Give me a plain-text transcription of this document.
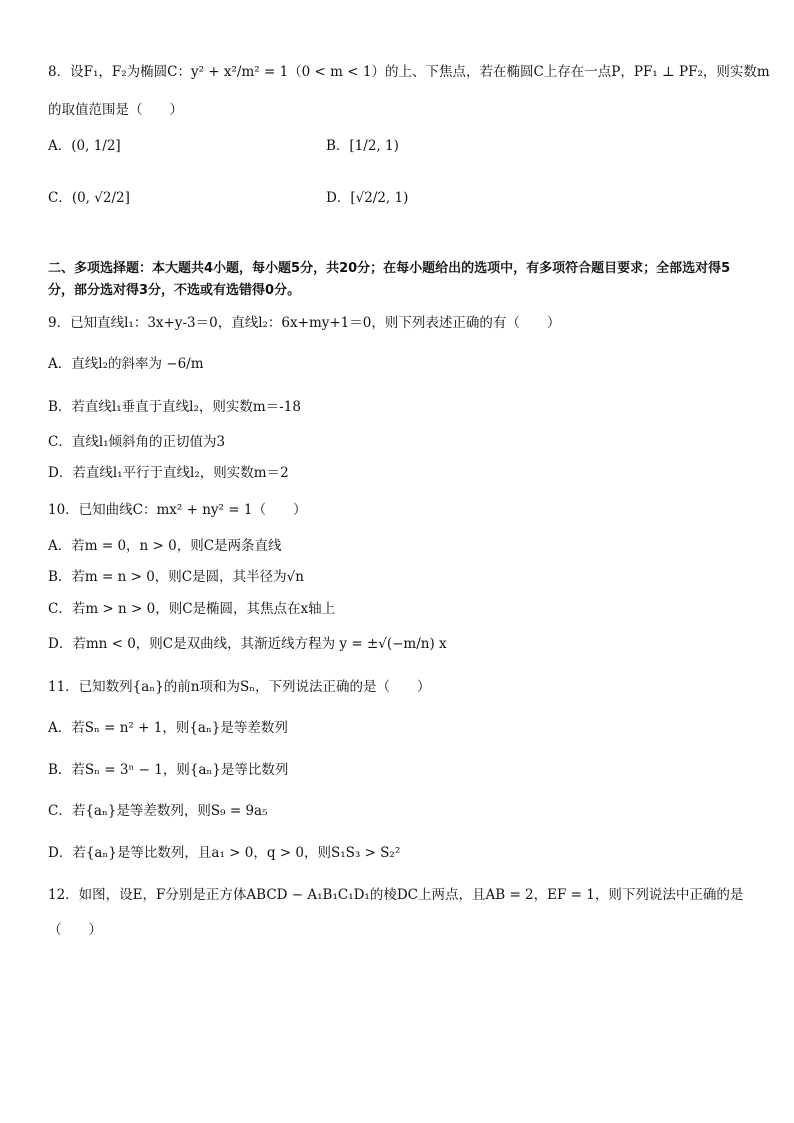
8．设F₁，F₂为椭圆C：y² + x²/m² = 1（0 < m < 1）的上、下焦点，若在椭圆C上存在一点P，PF₁ ⊥ PF₂，则实数m
的取值范围是（　　）
A．(0, 1/2]	B．[1/2, 1)
C．(0, √2/2]	D．[√2/2, 1)
二、多项选择题：本大题共4小题，每小题5分，共20分；在每小题给出的选项中，有多项符合题目要求；全部选对得5分，部分选对得3分，不选或有选错得0分。
9．已知直线l₁：3x+y-3＝0，直线l₂：6x+my+1＝0，则下列表述正确的有（　　）
A．直线l₂的斜率为 −6/m
B．若直线l₁垂直于直线l₂，则实数m＝-18
C．直线l₁倾斜角的正切值为3
D．若直线l₁平行于直线l₂，则实数m＝2
10．已知曲线C：mx² + ny² = 1（　　）
A．若m = 0，n > 0，则C是两条直线
B．若m = n > 0，则C是圆，其半径为√n
C．若m > n > 0，则C是椭圆，其焦点在x轴上
D．若mn < 0，则C是双曲线，其渐近线方程为 y = ±√(−m/n) x
11．已知数列{aₙ}的前n项和为Sₙ，下列说法正确的是（　　）
A．若Sₙ = n² + 1，则{aₙ}是等差数列
B．若Sₙ = 3ⁿ − 1，则{aₙ}是等比数列
C．若{aₙ}是等差数列，则S₉ = 9a₅
D．若{aₙ}是等比数列，且a₁ > 0，q > 0，则S₁S₃ > S₂²
12．如图，设E，F分别是正方体ABCD − A₁B₁C₁D₁的棱DC上两点，且AB = 2，EF = 1，则下列说法中正确的是
（　　）
